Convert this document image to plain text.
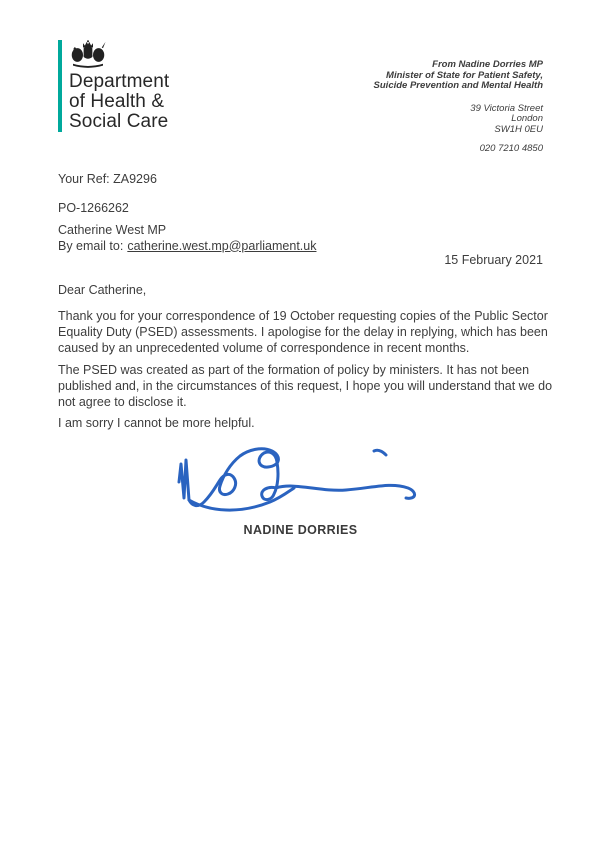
Department
of Health &
Social Care
From Nadine Dorries MP
Minister of State for Patient Safety,
Suicide Prevention and Mental Health
39 Victoria Street
London
SW1H 0EU
020 7210 4850
Your Ref: ZA9296
PO-1266262
Catherine West MP
By email to: catherine.west.mp@parliament.uk
15 February 2021
Dear Catherine,
Thank you for your correspondence of 19 October requesting copies of the Public Sector
Equality Duty (PSED) assessments. I apologise for the delay in replying, which has been
caused by an unprecedented volume of correspondence in recent months.
The PSED was created as part of the formation of policy by ministers. It has not been
published and, in the circumstances of this request, I hope you will understand that we do
not agree to disclose it.
I am sorry I cannot be more helpful.
NADINE DORRIES
